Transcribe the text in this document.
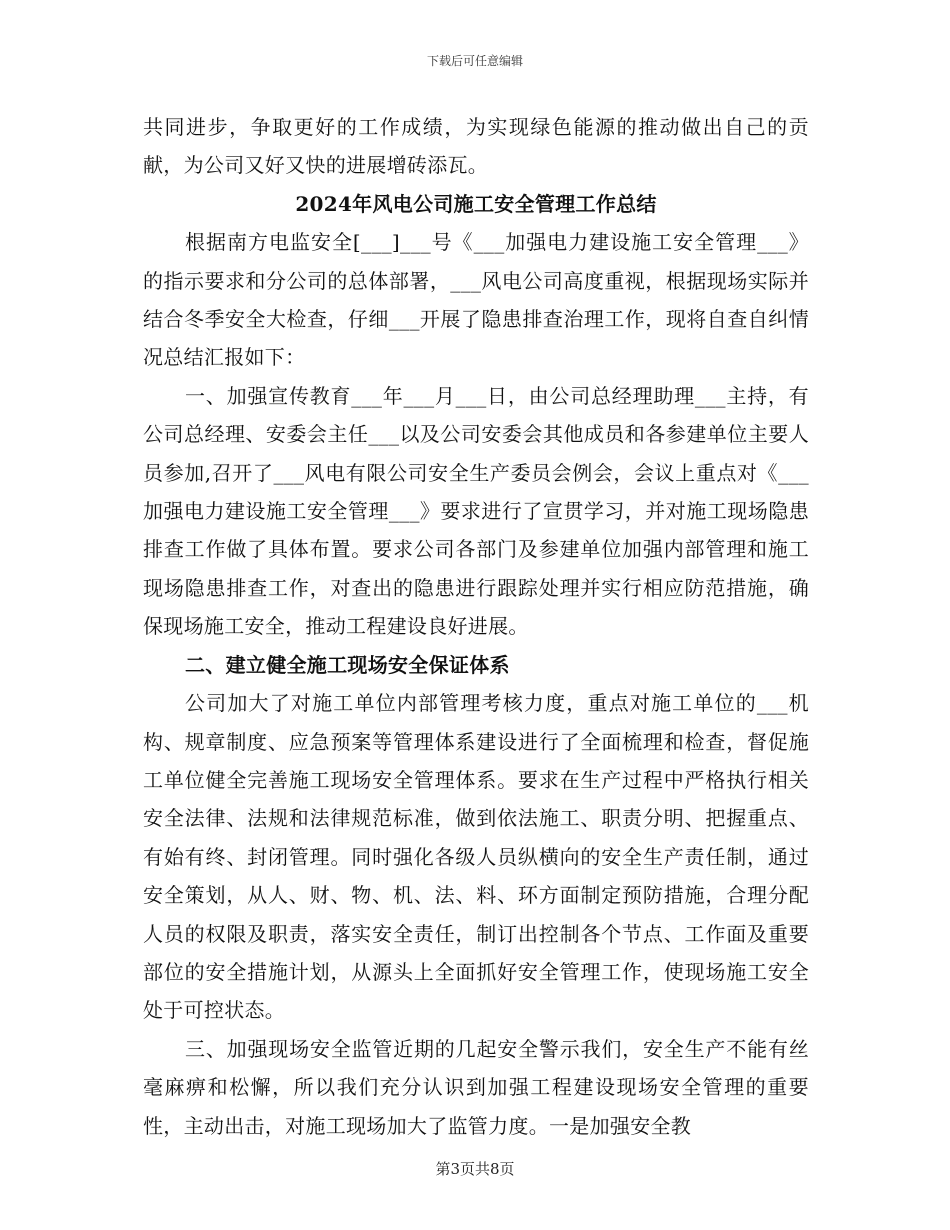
下载后可任意编辑

共同进步，争取更好的工作成绩，为实现绿色能源的推动做出自己的贡献，为公司又好又快的进展增砖添瓦。

2024年风电公司施工安全管理工作总结

根据南方电监安全[___]___号《___加强电力建设施工安全管理___》的指示要求和分公司的总体部署，___风电公司高度重视，根据现场实际并结合冬季安全大检查，仔细___开展了隐患排查治理工作，现将自查自纠情况总结汇报如下：

一、加强宣传教育___年___月___日，由公司总经理助理___主持，有公司总经理、安委会主任___以及公司安委会其他成员和各参建单位主要人员参加,召开了___风电有限公司安全生产委员会例会，会议上重点对《___加强电力建设施工安全管理___》要求进行了宣贯学习，并对施工现场隐患排查工作做了具体布置。要求公司各部门及参建单位加强内部管理和施工现场隐患排查工作，对查出的隐患进行跟踪处理并实行相应防范措施，确保现场施工安全，推动工程建设良好进展。

二、建立健全施工现场安全保证体系

公司加大了对施工单位内部管理考核力度，重点对施工单位的___机构、规章制度、应急预案等管理体系建设进行了全面梳理和检查，督促施工单位健全完善施工现场安全管理体系。要求在生产过程中严格执行相关安全法律、法规和法律规范标准，做到依法施工、职责分明、把握重点、有始有终、封闭管理。同时强化各级人员纵横向的安全生产责任制，通过安全策划，从人、财、物、机、法、料、环方面制定预防措施，合理分配人员的权限及职责，落实安全责任，制订出控制各个节点、工作面及重要部位的安全措施计划，从源头上全面抓好安全管理工作，使现场施工安全处于可控状态。

三、加强现场安全监管近期的几起安全警示我们，安全生产不能有丝毫麻痹和松懈，所以我们充分认识到加强工程建设现场安全管理的重要性，主动出击，对施工现场加大了监管力度。一是加强安全教

第3页共8页
